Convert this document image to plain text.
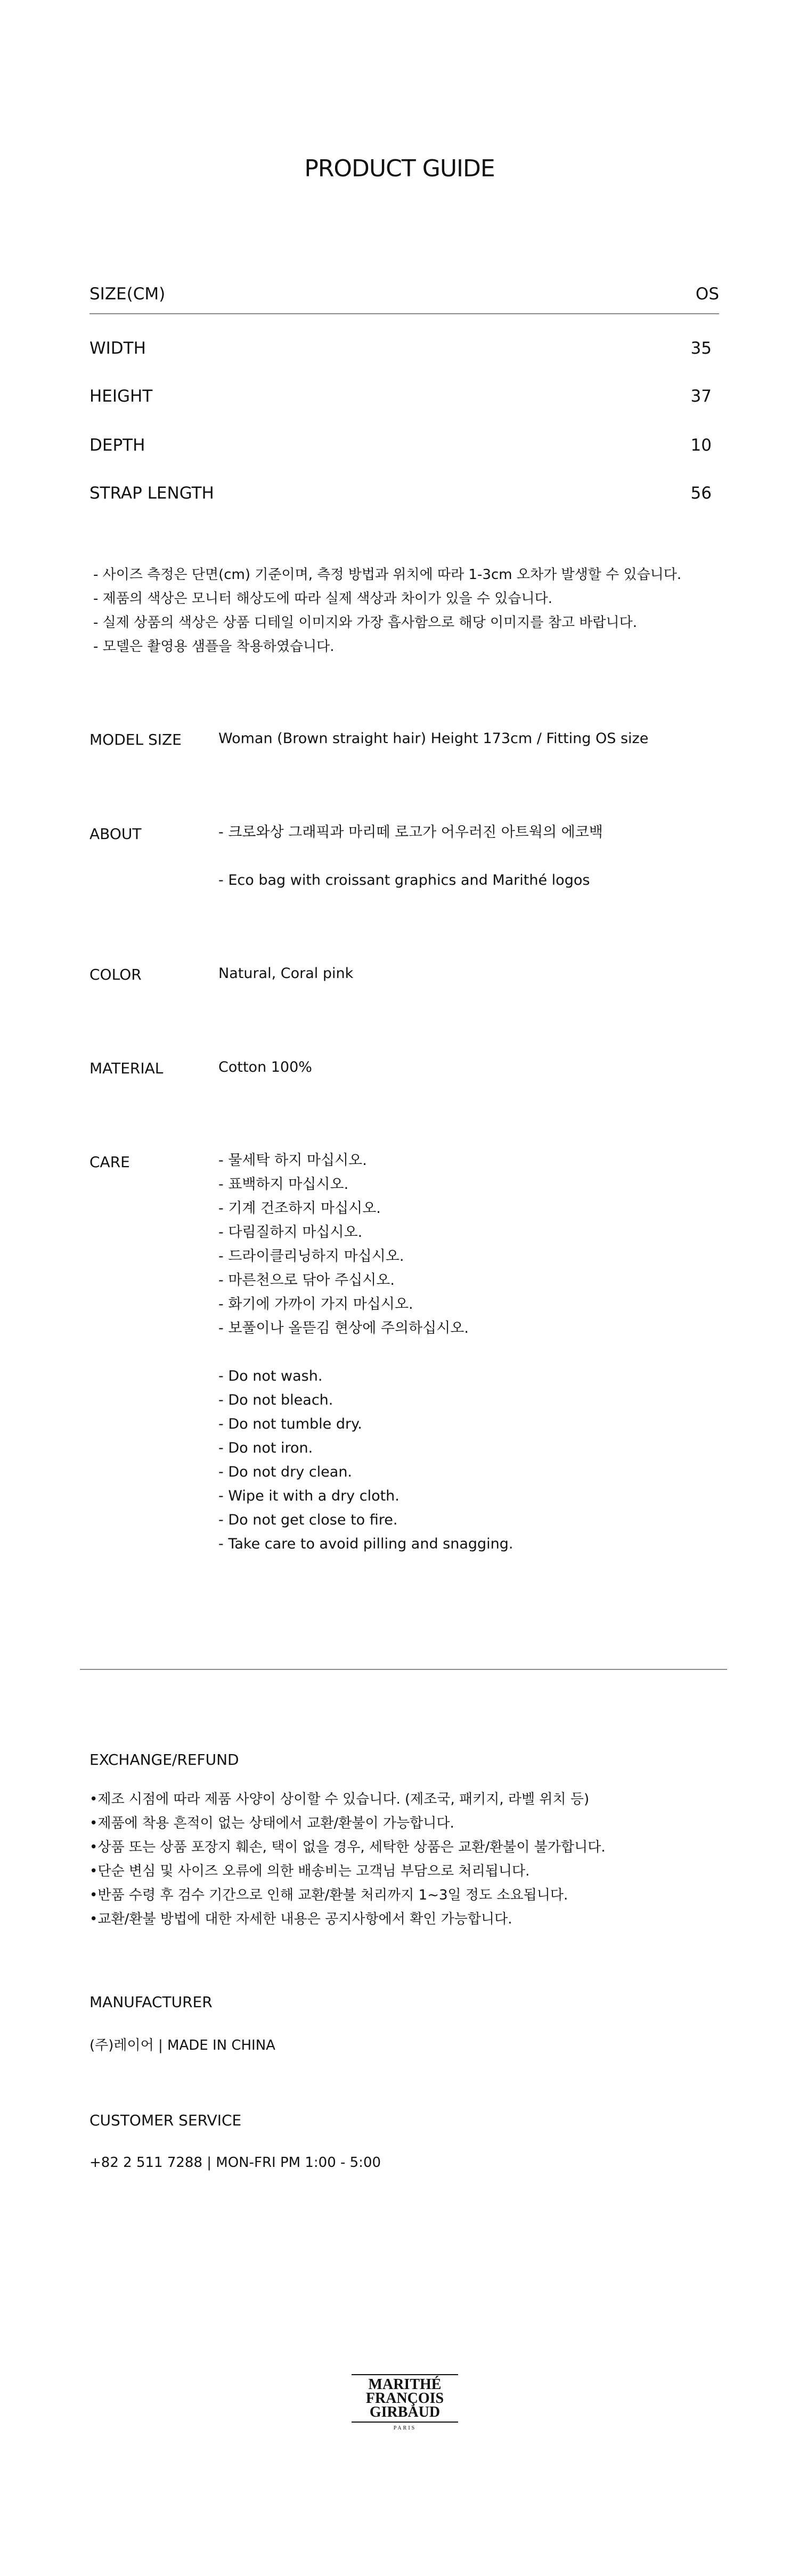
PRODUCT GUIDE
SIZE(CM)	OS
WIDTH	35
HEIGHT	37
DEPTH	10
STRAP LENGTH	56
- 사이즈 측정은 단면(cm) 기준이며, 측정 방법과 위치에 따라 1-3cm 오차가 발생할 수 있습니다.
- 제품의 색상은 모니터 해상도에 따라 실제 색상과 차이가 있을 수 있습니다.
- 실제 상품의 색상은 상품 디테일 이미지와 가장 흡사함으로 해당 이미지를 참고 바랍니다.
- 모델은 촬영용 샘플을 착용하였습니다.
MODEL SIZE	Woman (Brown straight hair) Height 173cm / Fitting OS size
ABOUT	- 크로와상 그래픽과 마리떼 로고가 어우러진 아트웍의 에코백
- Eco bag with croissant graphics and Marithé logos
COLOR	Natural, Coral pink
MATERIAL	Cotton 100%
CARE	- 물세탁 하지 마십시오.
- 표백하지 마십시오.
- 기계 건조하지 마십시오.
- 다림질하지 마십시오.
- 드라이클리닝하지 마십시오.
- 마른천으로 닦아 주십시오.
- 화기에 가까이 가지 마십시오.
- 보풀이나 올뜯김 현상에 주의하십시오.
- Do not wash.
- Do not bleach.
- Do not tumble dry.
- Do not iron.
- Do not dry clean.
- Wipe it with a dry cloth.
- Do not get close to fire.
- Take care to avoid pilling and snagging.
EXCHANGE/REFUND
•제조 시점에 따라 제품 사양이 상이할 수 있습니다. (제조국, 패키지, 라벨 위치 등)
•제품에 착용 흔적이 없는 상태에서 교환/환불이 가능합니다.
•상품 또는 상품 포장지 훼손, 택이 없을 경우, 세탁한 상품은 교환/환불이 불가합니다.
•단순 변심 및 사이즈 오류에 의한 배송비는 고객님 부담으로 처리됩니다.
•반품 수령 후 검수 기간으로 인해 교환/환불 처리까지 1~3일 정도 소요됩니다.
•교환/환불 방법에 대한 자세한 내용은 공지사항에서 확인 가능합니다.
MANUFACTURER
(주)레이어 | MADE IN CHINA
CUSTOMER SERVICE
+82 2 511 7288 | MON-FRI PM 1:00 - 5:00
MARITHÉ
FRANÇOIS
GIRBAUD
PARIS
